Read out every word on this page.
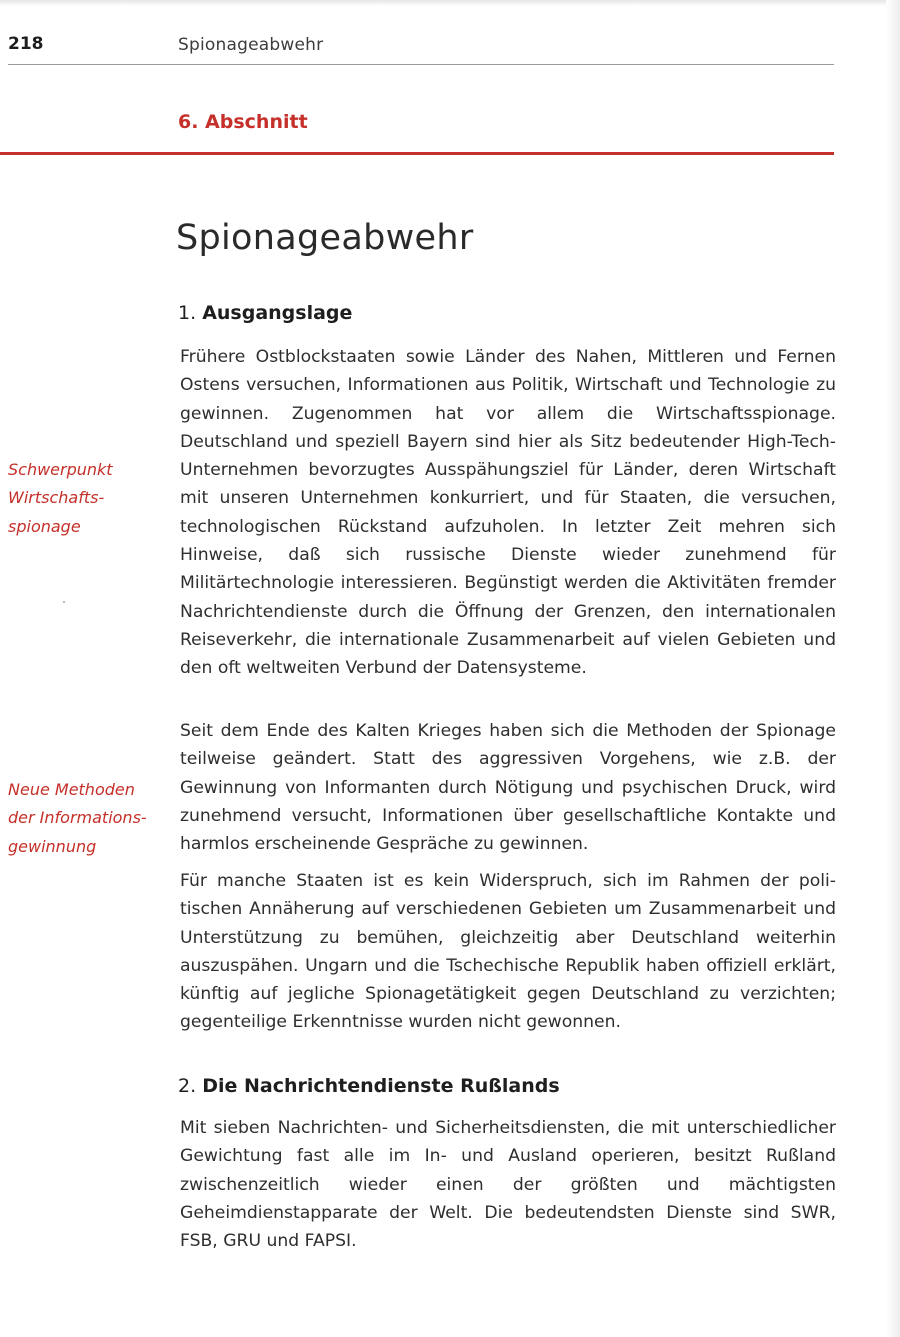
218	Spionageabwehr
6. Abschnitt
Spionageabwehr
1. Ausgangslage

Frühere Ostblockstaaten sowie Länder des Nahen, Mittleren und Fernen Ostens versuchen, Informationen aus Politik, Wirtschaft und Technologie zu gewinnen. Zugenommen hat vor allem die Wirtschaftsspionage. Deutschland und speziell Bayern sind hier als Sitz bedeutender High-Tech-Unternehmen bevorzugtes Ausspähungsziel für Länder, deren Wirtschaft mit unseren Unternehmen konkurriert, und für Staaten, die versuchen, technologischen Rückstand aufzuholen. In letzter Zeit mehren sich Hinweise, daß sich russische Dienste wieder zunehmend für Militärtechnologie interessieren. Begünstigt werden die Aktivitäten fremder Nachrichtendienste durch die Öffnung der Grenzen, den internationalen Reiseverkehr, die internationale Zusammenarbeit auf vielen Gebieten und den oft weltweiten Verbund der Datensysteme.

Schwerpunkt
Wirtschafts-
spionage

Seit dem Ende des Kalten Krieges haben sich die Methoden der Spionage teilweise geändert. Statt des aggressiven Vorgehens, wie z.B. der Gewinnung von Informanten durch Nötigung und psychischen Druck, wird zunehmend versucht, Informationen über gesellschaftliche Kontakte und harmlos erscheinende Gespräche zu gewinnen.

Neue Methoden
der Informations-
gewinnung

Für manche Staaten ist es kein Widerspruch, sich im Rahmen der politischen Annäherung auf verschiedenen Gebieten um Zusammenarbeit und Unterstützung zu bemühen, gleichzeitig aber Deutschland weiterhin auszuspähen. Ungarn und die Tschechische Republik haben offiziell erklärt, künftig auf jegliche Spionagetätigkeit gegen Deutschland zu verzichten; gegenteilige Erkenntnisse wurden nicht gewonnen.

2. Die Nachrichtendienste Rußlands

Mit sieben Nachrichten- und Sicherheitsdiensten, die mit unterschiedlicher Gewichtung fast alle im In- und Ausland operieren, besitzt Rußland zwischenzeitlich wieder einen der größten und mächtigsten Geheimdienstapparate der Welt. Die bedeutendsten Dienste sind SWR, FSB, GRU und FAPSI.
